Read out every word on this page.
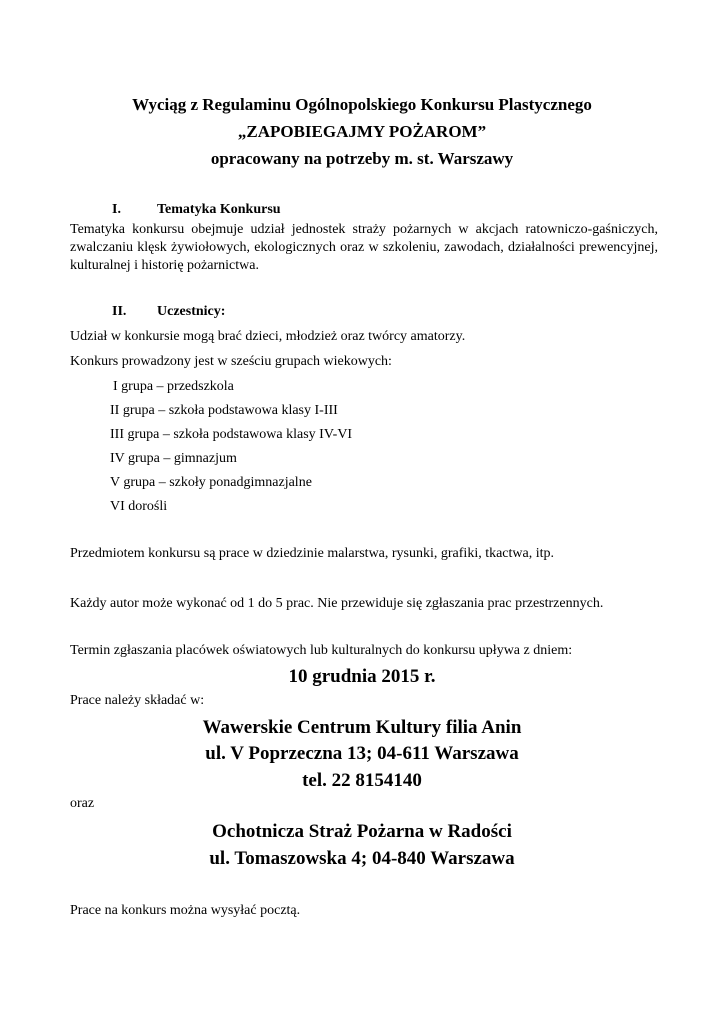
Wyciąg z Regulaminu Ogólnopolskiego Konkursu Plastycznego
„ZAPOBIEGAJMY POŻAROM”
opracowany na potrzeby m. st. Warszawy
I.	Tematyka Konkursu
Tematyka konkursu obejmuje udział jednostek straży pożarnych w akcjach ratowniczo-gaśniczych, zwalczaniu klęsk żywiołowych, ekologicznych oraz w szkoleniu, zawodach, działalności prewencyjnej, kulturalnej i historię pożarnictwa.
II. Uczestnicy:
Udział w konkursie mogą brać dzieci, młodzież oraz twórcy amatorzy.
Konkurs prowadzony jest w sześciu grupach wiekowych:
I grupa – przedszkola
II grupa – szkoła podstawowa klasy I-III
III grupa – szkoła podstawowa klasy IV-VI
IV grupa – gimnazjum
V grupa – szkoły ponadgimnazjalne
VI dorośli
Przedmiotem konkursu są prace w dziedzinie malarstwa, rysunki, grafiki, tkactwa, itp.
Każdy autor może wykonać od 1 do 5 prac. Nie przewiduje się zgłaszania prac przestrzennych.
Termin zgłaszania placówek oświatowych lub kulturalnych do konkursu upływa z dniem:
10 grudnia 2015 r.
Prace należy składać w:
Wawerskie Centrum Kultury filia Anin
ul. V Poprzeczna 13; 04-611 Warszawa
tel. 22 8154140
oraz
Ochotnicza Straż Pożarna w Radości
ul. Tomaszowska 4; 04-840 Warszawa
Prace na konkurs można wysyłać pocztą.
